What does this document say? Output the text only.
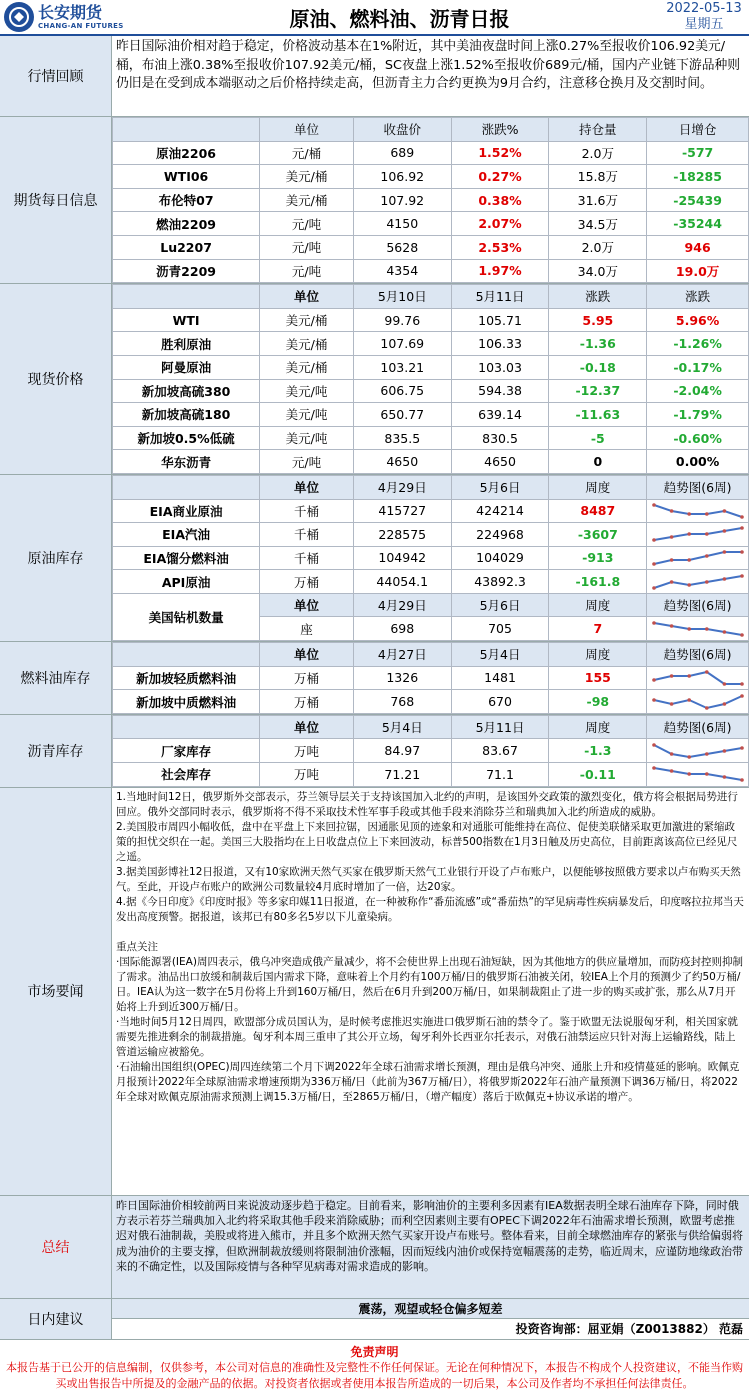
长安期货
CHANG-AN FUTURES	原油、燃料油、沥青日报	2022-05-13
星期五
行情回顾
昨日国际油价相对趋于稳定，价格波动基本在1%附近，其中美油夜盘时间上涨0.27%至报收价106.92美元/桶，布油上涨0.38%至报收价107.92美元/桶，SC夜盘上涨1.52%至报收价689元/桶，国内产业链下游品种则仍旧是在受到成本端驱动之后价格持续走高，但沥青主力合约更换为9月合约，注意移仓换月及交割时间。
期货每日信息
	单位	收盘价	涨跌%	持仓量	日增仓
原油2206	元/桶	689	1.52%	2.0万	-577
WTI06	美元/桶	106.92	0.27%	15.8万	-18285
布伦特07	美元/桶	107.92	0.38%	31.6万	-25439
燃油2209	元/吨	4150	2.07%	34.5万	-35244
Lu2207	元/吨	5628	2.53%	2.0万	946
沥青2209	元/吨	4354	1.97%	34.0万	19.0万
现货价格
	单位	5月10日	5月11日	涨跌	涨跌
WTI	美元/桶	99.76	105.71	5.95	5.96%
胜利原油	美元/桶	107.69	106.33	-1.36	-1.26%
阿曼原油	美元/桶	103.21	103.03	-0.18	-0.17%
新加坡高硫380	美元/吨	606.75	594.38	-12.37	-2.04%
新加坡高硫180	美元/吨	650.77	639.14	-11.63	-1.79%
新加坡0.5%低硫	美元/吨	835.5	830.5	-5	-0.60%
华东沥青	元/吨	4650	4650	0	0.00%
原油库存
	单位	4月29日	5月6日	周度	趋势图(6周)
EIA商业原油	千桶	415727	424214	8487	

EIA汽油	千桶	228575	224968	-3607	

EIA馏分燃料油	千桶	104942	104029	-913	

API原油	万桶	44054.1	43892.3	-161.8	

美国钻机数量	单位	4月29日	5月6日	周度	趋势图(6周)
	座	698	705	7	
燃料油库存
	单位	4月27日	5月4日	周度	趋势图(6周)
新加坡轻质燃料油	万桶	1326	1481	155	

新加坡中质燃料油	万桶	768	670	-98	
沥青库存
	单位	5月4日	5月11日	周度	趋势图(6周)
厂家库存	万吨	84.97	83.67	-1.3	

社会库存	万吨	71.21	71.1	-0.11	
市场要闻
1.当地时间12日，俄罗斯外交部表示，芬兰领导层关于支持该国加入北约的声明，是该国外交政策的激烈变化，俄方将会根据局势进行回应。俄外交部同时表示，俄罗斯将不得不采取技术性军事手段或其他手段来消除芬兰和瑞典加入北约所造成的威胁。
2.美国股市周四小幅收低，盘中在平盘上下来回拉锯，因通胀见顶的迹象和对通胀可能维持在高位、促使美联储采取更加激进的紧缩政策的担忧交织在一起。美国三大股指均在上日收盘点位上下来回波动，标普500指数在1月3日触及历史高位，目前距离该高位已经见尺之遥。
3.据美国彭博社12日报道，又有10家欧洲天然气买家在俄罗斯天然气工业银行开设了卢布账户，以便能够按照俄方要求以卢布购买天然气。至此，开设卢布账户的欧洲公司数量较4月底时增加了一倍，达20家。
4.据《今日印度》《印度时报》等多家印媒11日报道，在一种被称作“番茄流感”或“番茄热”的罕见病毒性疾病暴发后，印度喀拉拉邦当天发出高度预警。据报道，该邦已有80多名5岁以下儿童染病。
重点关注
·国际能源署(IEA)周四表示，俄乌冲突造成俄产量减少，将不会使世界上出现石油短缺，因为其他地方的供应量增加，而防疫封控则抑制了需求。油品出口放缓和制裁后国内需求下降，意味着上个月约有100万桶/日的俄罗斯石油被关闭，较IEA上个月的预测少了约50万桶/日。IEA认为这一数字在5月份将上升到160万桶/日，然后在6月升到200万桶/日，如果制裁阻止了进一步的购买或扩张，那么从7月开始将上升到近300万桶/日。
·当地时间5月12日周四，欧盟部分成员国认为，是时候考虑推迟实施进口俄罗斯石油的禁令了。鉴于欧盟无法说服匈牙利，相关国家就需要先推进剩余的制裁措施。匈牙利本周三重申了其公开立场，匈牙利外长西亚尔托表示，对俄石油禁运应只针对海上运输路线，陆上管道运输应被豁免。
·石油输出国组织(OPEC)周四连续第二个月下调2022年全球石油需求增长预测，理由是俄乌冲突、通胀上升和疫情蔓延的影响。欧佩克月报预计2022年全球原油需求增速预期为336万桶/日（此前为367万桶/日），将俄罗斯2022年石油产量预测下调36万桶/日，将2022年全球对欧佩克原油需求预测上调15.3万桶/日，至2865万桶/日，（增产幅度）落后于欧佩克+协议承诺的增产。
总结
昨日国际油价相较前两日来说波动逐步趋于稳定。目前看来，影响油价的主要利多因素有IEA数据表明全球石油库存下降，同时俄方表示若芬兰瑞典加入北约将采取其他手段来消除威胁；而利空因素则主要有OPEC下调2022年石油需求增长预测，欧盟考虑推迟对俄石油制裁，美股或将进入熊市，并且多个欧洲天然气买家开设卢布账号。整体看来，目前全球燃油库存的紧张与供给偏弱将成为油价的主要支撑，但欧洲制裁放缓则将限制油价涨幅，因而短线内油价或保持宽幅震荡的走势，临近周末，应谨防地缘政治带来的不确定性，以及国际疫情与各种罕见病毒对需求造成的影响。
日内建议
震荡，观望或轻仓偏多短差
投资咨询部：屈亚娟（Z0013882） 范磊
免责声明
本报告基于已公开的信息编制，仅供参考，本公司对信息的准确性及完整性不作任何保证。无论在何种情况下，本报告不构成个人投资建议，不能当作购买或出售报告中所提及的金融产品的依据。对投资者依据或者使用本报告所造成的一切后果，本公司及作者均不承担任何法律责任。
